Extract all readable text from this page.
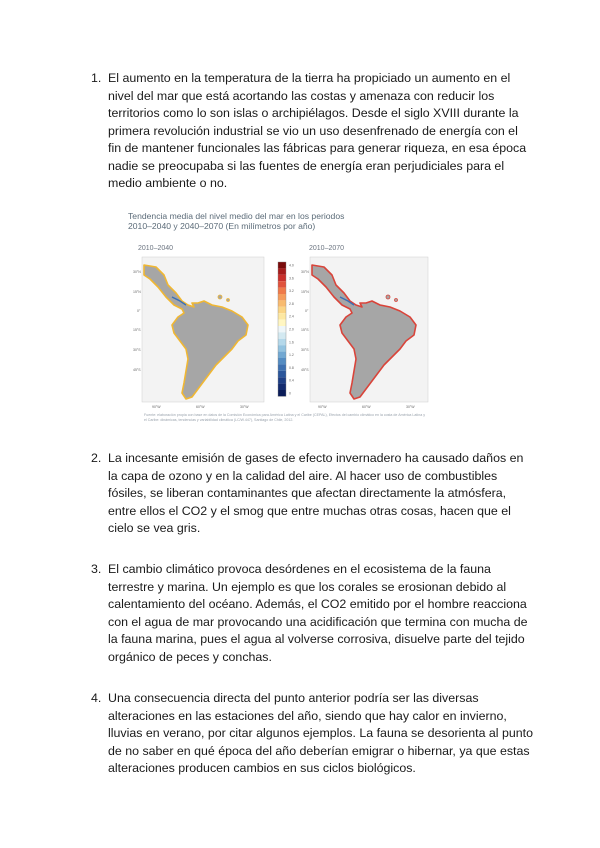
1. El aumento en la temperatura de la tierra ha propiciado un aumento en el nivel del mar que está acortando las costas y amenaza con reducir los territorios como lo son islas o archipiélagos. Desde el siglo XVIII durante la primera revolución industrial se vio un uso desenfrenado de energía con el fin de mantener funcionales las fábricas para generar riqueza, en esa época nadie se preocupaba si las fuentes de energía eran perjudiciales para el medio ambiente o no.
Tendencia media del nivel medio del mar en los periodos
2010–2040 y 2040–2070 (En milímetros por año)
2010–2040	2010–2070
30°N
15°N
0°
15°S
30°S
45°S
90°W	60°W	30°W
4.0
3.6
3.2
2.8
2.4
2.0
1.6
1.2
0.8
0.4
0
30°N
15°N
0°
15°S
30°S
45°S
90°W	60°W	30°W
Fuente: elaboración propia con base en datos de la Comisión Económica para América Latina y el Caribe (CEPAL), Efectos del cambio climático en la costa de América Latina y el Caribe: dinámicas, tendencias y variabilidad climática (LC/W.447), Santiago de Chile, 2012.
2. La incesante emisión de gases de efecto invernadero ha causado daños en la capa de ozono y en la calidad del aire. Al hacer uso de combustibles fósiles, se liberan contaminantes que afectan directamente la atmósfera, entre ellos el CO2 y el smog que entre muchas otras cosas, hacen que el cielo se vea gris.
3. El cambio climático provoca desórdenes en el ecosistema de la fauna terrestre y marina. Un ejemplo es que los corales se erosionan debido al calentamiento del océano. Además, el CO2 emitido por el hombre reacciona con el agua de mar provocando una acidificación que termina con mucha de la fauna marina, pues el agua al volverse corrosiva, disuelve parte del tejido orgánico de peces y conchas.
4. Una consecuencia directa del punto anterior podría ser las diversas alteraciones en las estaciones del año, siendo que hay calor en invierno, lluvias en verano, por citar algunos ejemplos. La fauna se desorienta al punto de no saber en qué época del año deberían emigrar o hibernar, ya que estas alteraciones producen cambios en sus ciclos biológicos.
